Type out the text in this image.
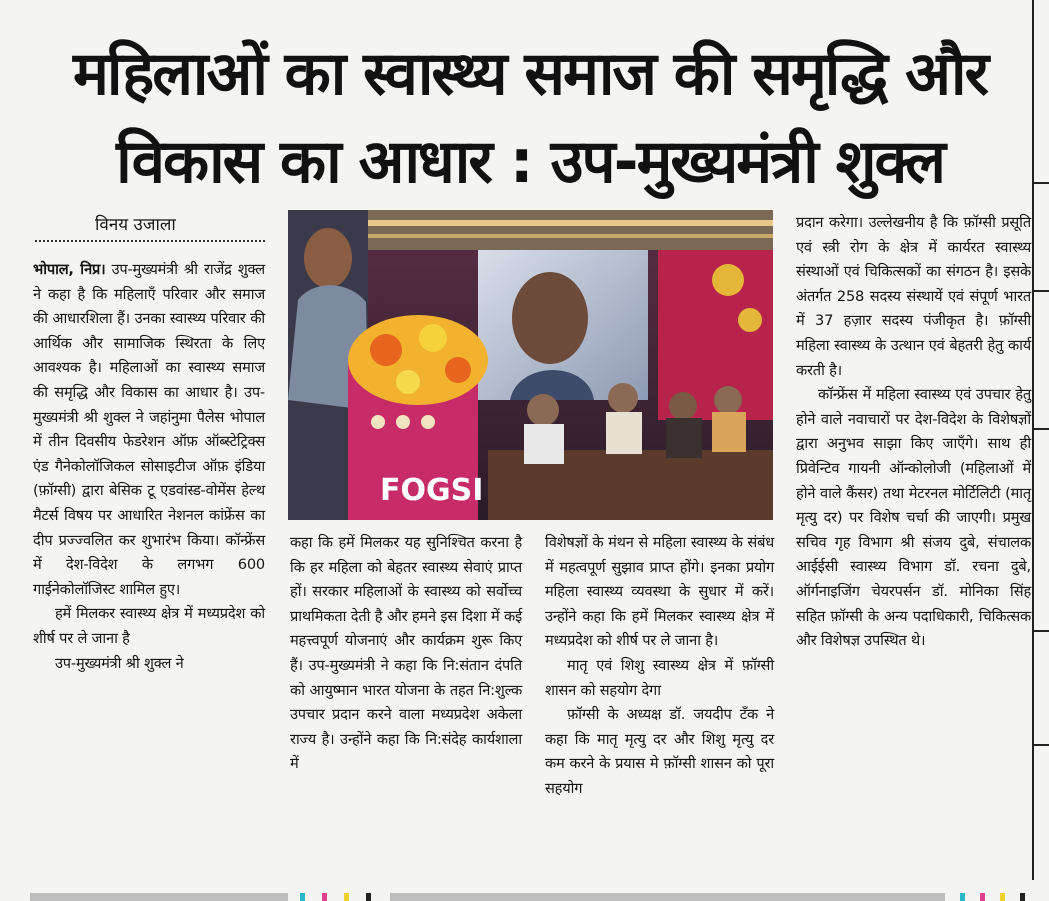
महिलाओं का स्वास्थ्य समाज की समृद्धि और
विकास का आधार : उप-मुख्यमंत्री शुक्ल

विनय उजाला

भोपाल, निप्र। उप-मुख्यमंत्री श्री राजेंद्र शुक्ल ने कहा है कि महिलाएँ परिवार और समाज की आधारशिला हैं। उनका स्वास्थ्य परिवार की आर्थिक और सामाजिक स्थिरता के लिए आवश्यक है। महिलाओं का स्वास्थ्य समाज की समृद्धि और विकास का आधार है। उप-मुख्यमंत्री श्री शुक्ल ने जहांनुमा पैलेस भोपाल में तीन दिवसीय फेडरेशन ऑफ़ ऑब्स्टेट्रिक्स एंड गैनेकोलॉजिकल सोसाइटीज ऑफ़ इंडिया (फ़ॉग्सी) द्वारा बेसिक टू एडवांस्ड-वोमेंस हेल्थ मैटर्स विषय पर आधारित नेशनल कांफ्रेंस का दीप प्रज्ज्वलित कर शुभारंभ किया। कॉन्फ्रेंस में देश-विदेश के लगभग 600 गाईनेकोलॉजिस्ट शामिल हुए।

हमें मिलकर स्वास्थ्य क्षेत्र में मध्यप्रदेश को शीर्ष पर ले जाना है

उप-मुख्यमंत्री श्री शुक्ल ने

FOGSI

कहा कि हमें मिलकर यह सुनिश्चित करना है कि हर महिला को बेहतर स्वास्थ्य सेवाएं प्राप्त हों। सरकार महिलाओं के स्वास्थ्य को सर्वोच्च प्राथमिकता देती है और हमने इस दिशा में कई महत्त्वपूर्ण योजनाएं और कार्यक्रम शुरू किए हैं। उप-मुख्यमंत्री ने कहा कि नि:संतान दंपति को आयुष्मान भारत योजना के तहत नि:शुल्क उपचार प्रदान करने वाला मध्यप्रदेश अकेला राज्य है। उन्होंने कहा कि नि:संदेह कार्यशाला में

विशेषज्ञों के मंथन से महिला स्वास्थ्य के संबंध में महत्वपूर्ण सुझाव प्राप्त होंगे। इनका प्रयोग महिला स्वास्थ्य व्यवस्था के सुधार में करें। उन्होंने कहा कि हमें मिलकर स्वास्थ्य क्षेत्र में मध्यप्रदेश को शीर्ष पर ले जाना है।

मातृ एवं शिशु स्वास्थ्य क्षेत्र में फ़ॉग्सी शासन को सहयोग देगा

फ़ॉग्सी के अध्यक्ष डॉ. जयदीप टँक ने कहा कि मातृ मृत्यु दर और शिशु मृत्यु दर कम करने के प्रयास मे फ़ॉग्सी शासन को पूरा सहयोग

प्रदान करेगा। उल्लेखनीय है कि फ़ॉग्सी प्रसूति एवं स्त्री रोग के क्षेत्र में कार्यरत स्वास्थ्य संस्थाओं एवं चिकित्सकों का संगठन है। इसके अंतर्गत 258 सदस्य संस्थायें एवं संपूर्ण भारत में 37 हज़ार सदस्य पंजीकृत है। फ़ॉग्सी महिला स्वास्थ्य के उत्थान एवं बेहतरी हेतु कार्य करती है।

कॉन्फ्रेंस में महिला स्वास्थ्य एवं उपचार हेतु होने वाले नवाचारों पर देश-विदेश के विशेषज्ञों द्वारा अनुभव साझा किए जाएँगे। साथ ही प्रिवेन्टिव गायनी ऑन्कोलोजी (महिलाओं में होने वाले कैंसर) तथा मेटरनल मोर्टिलिटी (मातृ मृत्यु दर) पर विशेष चर्चा की जाएगी। प्रमुख सचिव गृह विभाग श्री संजय दुबे, संचालक आईईसी स्वास्थ्य विभाग डॉ. रचना दुबे, ऑर्गनाइजिंग चेयरपर्सन डॉ. मोनिका सिंह सहित फ़ॉग्सी के अन्य पदाधिकारी, चिकित्सक और विशेषज्ञ उपस्थित थे।
